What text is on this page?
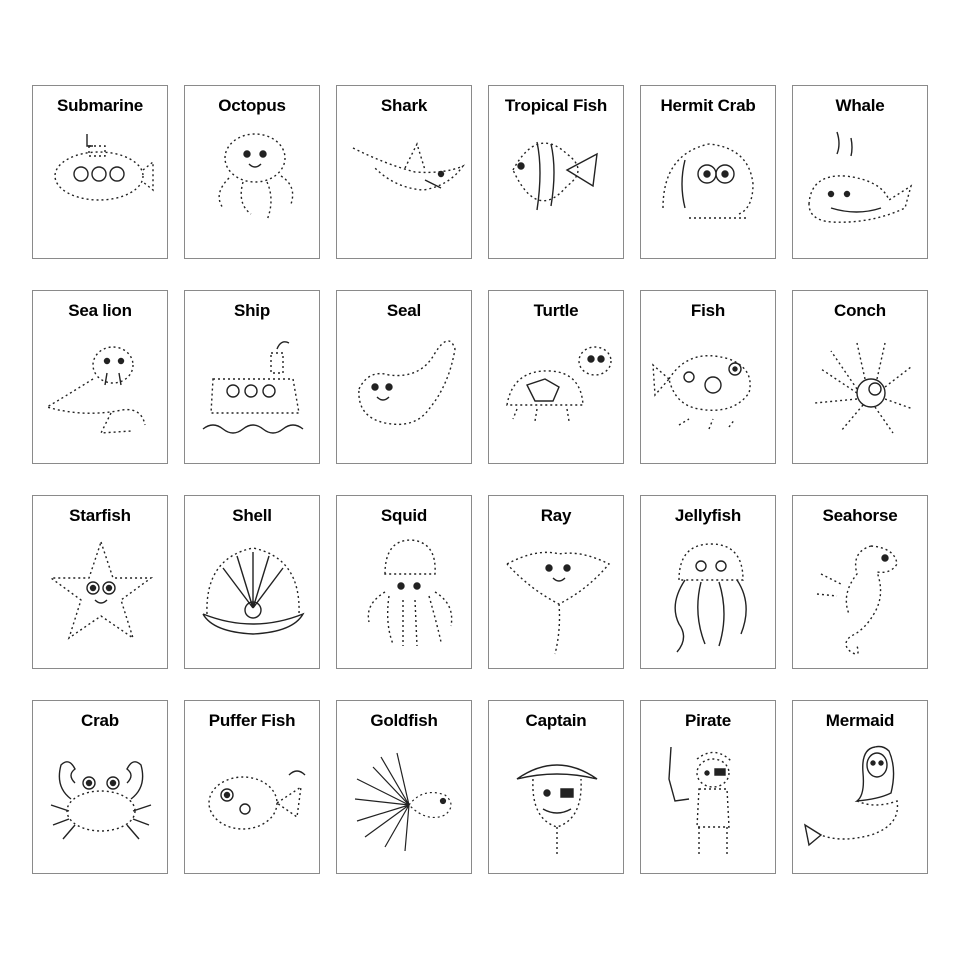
Submarine	Octopus	Shark	Tropical Fish	Hermit Crab	Whale
Sea lion	Ship	Seal	Turtle	Fish	Conch
Starfish	Shell	Squid	Ray	Jellyfish	Seahorse
Crab	Puffer Fish	Goldfish	Captain	Pirate	Mermaid
